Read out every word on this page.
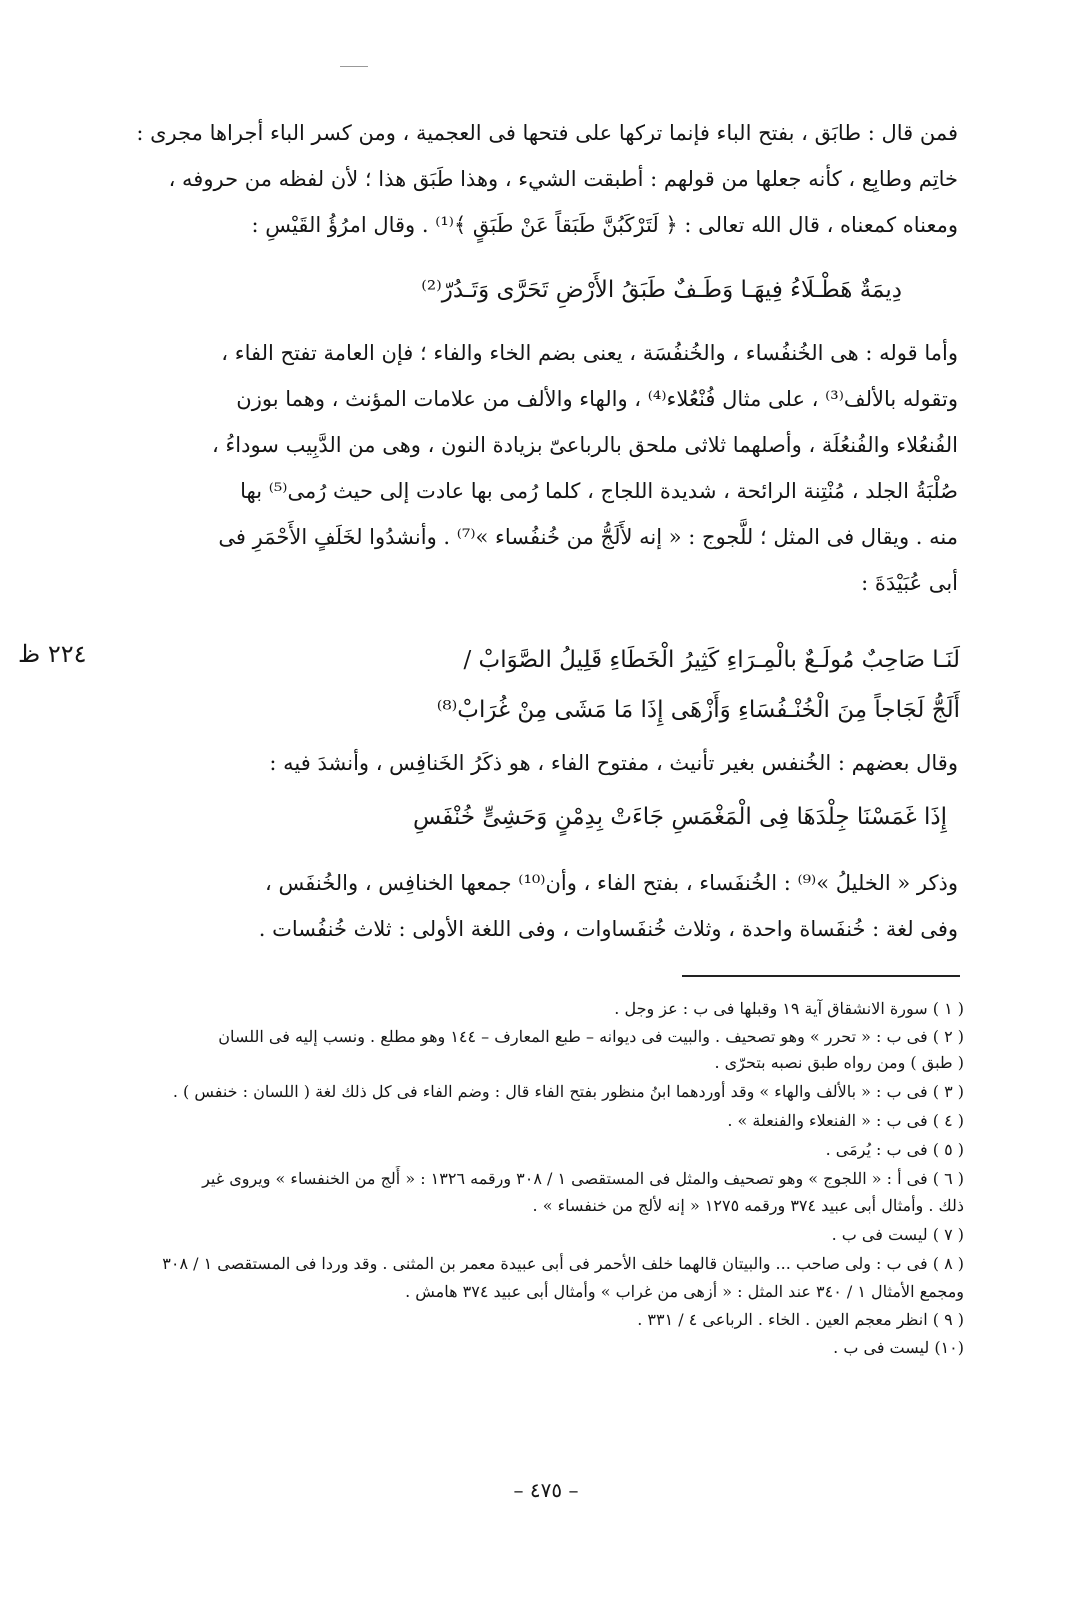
فمن قال : طابَق ، بفتح الباء فإنما تركها على فتحها فى العجمية ، ومن كسر الباء أجراها مجرى :
خاتِم وطابِع ، كأنه جعلها من قولهم : أطبقت الشيء ، وهذا طَبَق هذا ؛ لأن لفظه من حروفه ،
ومعناه كمعناه ، قال الله تعالى : ﴿ لَتَرْكَبُنَّ طَبَقاً عَنْ طَبَقٍ ﴾⁽¹⁾ . وقال امرُؤُ القَيْسِ :
دِيمَةٌ هَطْـلَاءُ فِيهَـا وَطَـفٌ طَبَقُ الأَرْضِ تَحَرَّى وَتَـدُرّ⁽²⁾
وأما قوله : هى الخُنفُساء ، والخُنفُسَة ، يعنى بضم الخاء والفاء ؛ فإن العامة تفتح الفاء ،
وتقوله بالألف⁽³⁾ ، على مثال فُنْعُلاء⁽⁴⁾ ، والهاء والألف من علامات المؤنث ، وهما بوزن
الفُنعُلاء والفُنعُلَة ، وأصلهما ثلاثى ملحق بالرباعىّ بزيادة النون ، وهى من الدَّبِيب سوداءُ ،
صُلْبَةُ الجلد ، مُنْتِنة الرائحة ، شديدة اللجاج ، كلما رُمى بها عادت إلى حيث رُمى⁽⁵⁾ بها
منه . ويقال فى المثل ؛ للَّجوج : « إنه لأَلَجُّ من خُنفُساء »⁽⁷⁾ . وأنشدُوا لخَلَفٍ الأَحْمَرِ فى
أبى عُبَيْدَةَ :
٢٢٤ ظ	لَنَـا صَاحِبٌ مُولَـعٌ بالْمِـرَاءِ كَثِيرُ الْخَطَاءِ قَلِيلُ الصَّوَابْ /
أَلَجُّ لَجَاجاً مِنَ الْخُنْـفُسَاءِ وَأَزْهَى إِذَا مَا مَشَى مِنْ غُرَابْ⁽⁸⁾
وقال بعضهم : الخُنفس بغير تأنيث ، مفتوح الفاء ، هو ذكَرُ الخَنافِس ، وأنشدَ فيه :
إِذَا غَمَسْنَا جِلْدَهَا فِى الْمَغْمَسِ جَاءَتْ بِدِمْنٍ وَحَشِىٍّ خُنْفَسِ
وذكر « الخليلُ »⁽⁹⁾ : الخُنفَساء ، بفتح الفاء ، وأن⁽¹⁰⁾ جمعها الخنافِس ، والخُنفَس ،
وفى لغة : خُنفَساة واحدة ، وثلاث خُنفَساوات ، وفى اللغة الأولى : ثلاث خُنفُسات .
( ١ ) سورة الانشقاق آية ١٩ وقبلها فى ب : عز وجل .
( ٢ ) فى ب : « تحرر » وهو تصحيف . والبيت فى ديوانه – طبع المعارف – ١٤٤ وهو مطلع . ونسب إليه فى اللسان
( طبق ) ومن رواه طبق نصبه بتحرّى .
( ٣ ) فى ب : « بالألف والهاء » وقد أوردهما ابنُ منظور بفتح الفاء قال : وضم الفاء فى كل ذلك لغة ( اللسان : خنفس ) .
( ٤ ) فى ب : « الفنعلاء والفنعلة » .
( ٥ ) فى ب : يُرمَى .
( ٦ ) فى أ : « اللجوج » وهو تصحيف والمثل فى المستقصى ١ / ٣٠٨ ورقمه ١٣٢٦ : « أَلج من الخنفساء » ويروى غير
ذلك . وأمثال أبى عبيد ٣٧٤ ورقمه ١٢٧٥ « إنه لألج من خنفساء » .
( ٧ ) ليست فى ب .
( ٨ ) فى ب : ولى صاحب ... والبيتان قالهما خلف الأحمر فى أبى عبيدة معمر بن المثنى . وقد وردا فى المستقصى ١ / ٣٠٨
ومجمع الأمثال ١ / ٣٤٠ عند المثل : « أزهى من غراب » وأمثال أبى عبيد ٣٧٤ هامش .
( ٩ ) انظر معجم العين . الخاء . الرباعى ٤ / ٣٣١ .
(١٠) ليست فى ب .
– ٤٧٥ –
